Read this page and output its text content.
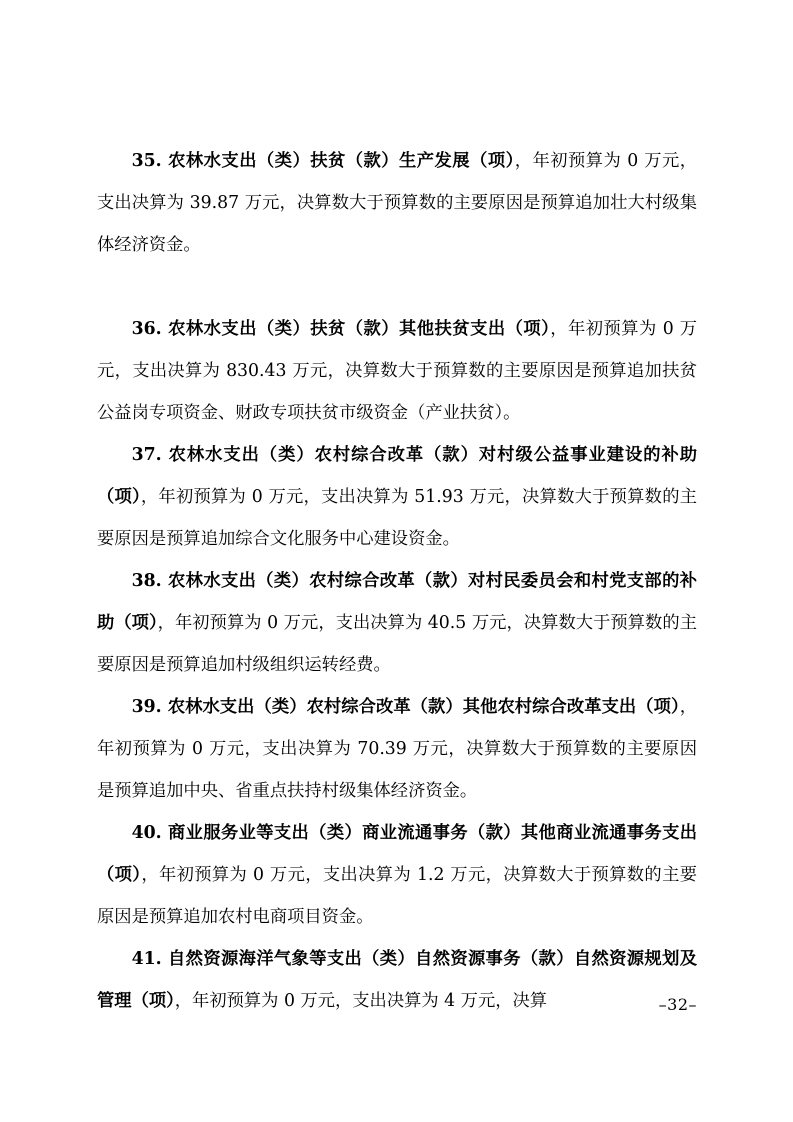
35. 农林水支出（类）扶贫（款）生产发展（项），年初预算为 0 万元，支出决算为 39.87 万元，决算数大于预算数的主要原因是预算追加壮大村级集体经济资金。

36. 农林水支出（类）扶贫（款）其他扶贫支出（项），年初预算为 0 万元，支出决算为 830.43 万元，决算数大于预算数的主要原因是预算追加扶贫公益岗专项资金、财政专项扶贫市级资金（产业扶贫）。

37. 农林水支出（类）农村综合改革（款）对村级公益事业建设的补助（项），年初预算为 0 万元，支出决算为 51.93 万元，决算数大于预算数的主要原因是预算追加综合文化服务中心建设资金。

38. 农林水支出（类）农村综合改革（款）对村民委员会和村党支部的补助（项），年初预算为 0 万元，支出决算为 40.5 万元，决算数大于预算数的主要原因是预算追加村级组织运转经费。

39. 农林水支出（类）农村综合改革（款）其他农村综合改革支出（项），年初预算为 0 万元，支出决算为 70.39 万元，决算数大于预算数的主要原因是预算追加中央、省重点扶持村级集体经济资金。

40. 商业服务业等支出（类）商业流通事务（款）其他商业流通事务支出（项），年初预算为 0 万元，支出决算为 1.2 万元，决算数大于预算数的主要原因是预算追加农村电商项目资金。

41. 自然资源海洋气象等支出（类）自然资源事务（款）自然资源规划及管理（项），年初预算为 0 万元，支出决算为 4 万元，决算	–32–
